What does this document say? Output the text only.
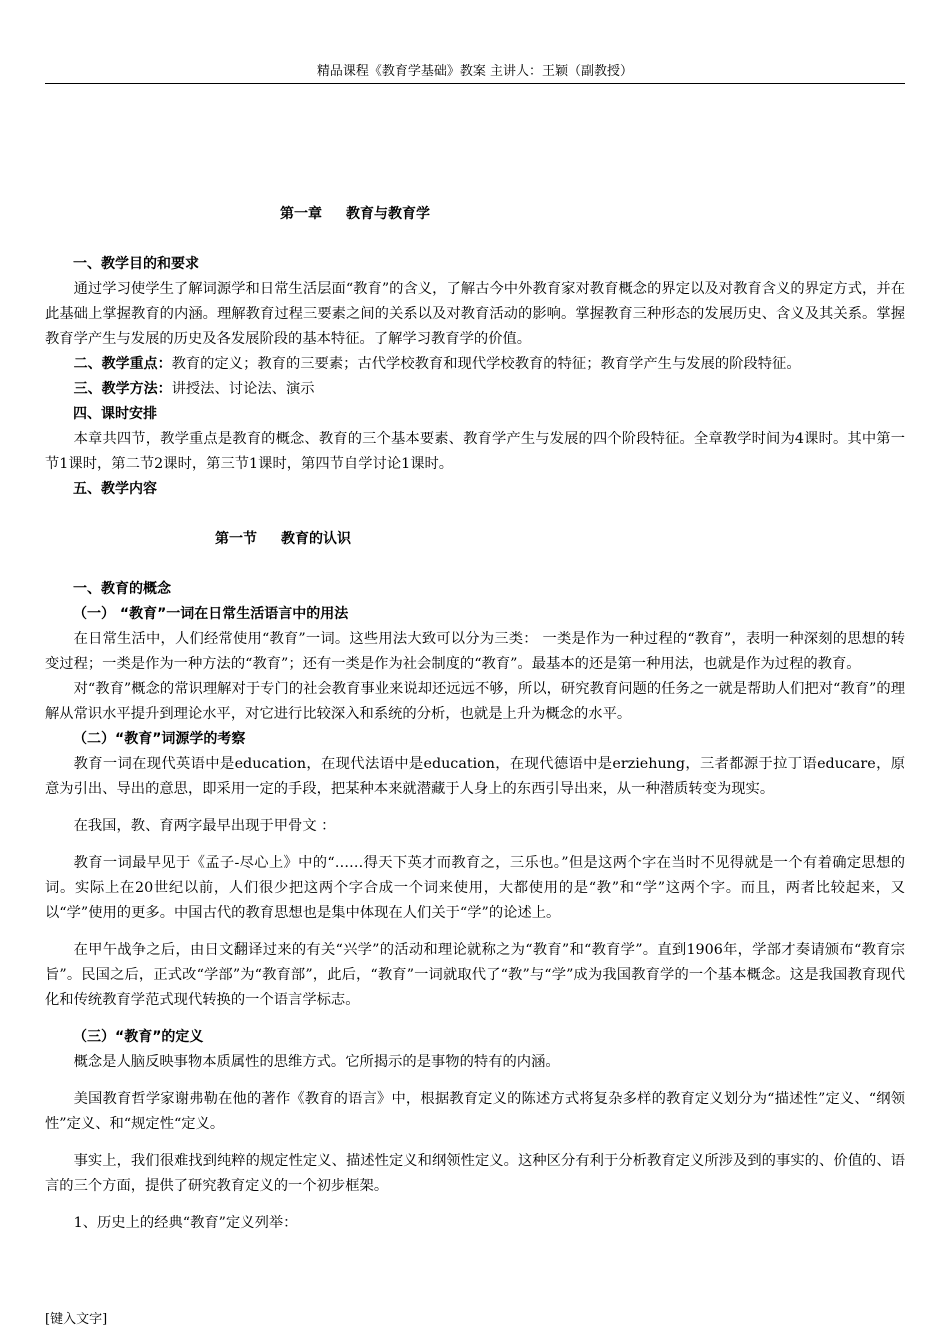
精品课程《教育学基础》教案 主讲人：王颖（副教授）

第一章 教育与教育学

一、教学目的和要求

通过学习使学生了解词源学和日常生活层面“教育”的含义，了解古今中外教育家对教育概念的界定以及对教育含义的界定方式，并在此基础上掌握教育的内涵。理解教育过程三要素之间的关系以及对教育活动的影响。掌握教育三种形态的发展历史、含义及其关系。掌握教育学产生与发展的历史及各发展阶段的基本特征。了解学习教育学的价值。

二、教学重点：教育的定义；教育的三要素；古代学校教育和现代学校教育的特征；教育学产生与发展的阶段特征。

三、教学方法：讲授法、讨论法、演示

四、课时安排

本章共四节，教学重点是教育的概念、教育的三个基本要素、教育学产生与发展的四个阶段特征。全章教学时间为4课时。其中第一节1课时，第二节2课时，第三节1课时，第四节自学讨论1课时。

五、教学内容

第一节 教育的认识

一、教育的概念

（一） “教育”一词在日常生活语言中的用法

在日常生活中，人们经常使用“教育”一词。这些用法大致可以分为三类： 一类是作为一种过程的“教育”，表明一种深刻的思想的转变过程；一类是作为一种方法的“教育”；还有一类是作为社会制度的“教育”。最基本的还是第一种用法，也就是作为过程的教育。

对“教育”概念的常识理解对于专门的社会教育事业来说却还远远不够，所以，研究教育问题的任务之一就是帮助人们把对“教育”的理解从常识水平提升到理论水平，对它进行比较深入和系统的分析，也就是上升为概念的水平。

（二）“教育”词源学的考察

教育一词在现代英语中是education，在现代法语中是education，在现代德语中是erziehung，三者都源于拉丁语educare，原意为引出、导出的意思，即采用一定的手段，把某种本来就潜藏于人身上的东西引导出来，从一种潜质转变为现实。

在我国，教、育两字最早出现于甲骨文 ：

教育一词最早见于《孟子-尽心上》中的“……得天下英才而教育之，三乐也。”但是这两个字在当时不见得就是一个有着确定思想的词。实际上在20世纪以前，人们很少把这两个字合成一个词来使用，大都使用的是“教”和“学”这两个字。而且，两者比较起来，又以“学”使用的更多。中国古代的教育思想也是集中体现在人们关于“学”的论述上。

在甲午战争之后，由日文翻译过来的有关“兴学”的活动和理论就称之为“教育”和“教育学”。直到1906年，学部才奏请颁布“教育宗旨”。民国之后，正式改“学部”为“教育部”，此后，“教育”一词就取代了“教”与“学”成为我国教育学的一个基本概念。这是我国教育现代化和传统教育学范式现代转换的一个语言学标志。

（三）“教育”的定义

概念是人脑反映事物本质属性的思维方式。它所揭示的是事物的特有的内涵。

美国教育哲学家谢弗勒在他的著作《教育的语言》中，根据教育定义的陈述方式将复杂多样的教育定义划分为“描述性”定义、“纲领性”定义、和“规定性“定义。

事实上，我们很难找到纯粹的规定性定义、描述性定义和纲领性定义。这种区分有利于分析教育定义所涉及到的事实的、价值的、语言的三个方面，提供了研究教育定义的一个初步框架。

1、历史上的经典“教育”定义列举：

[键入文字]
